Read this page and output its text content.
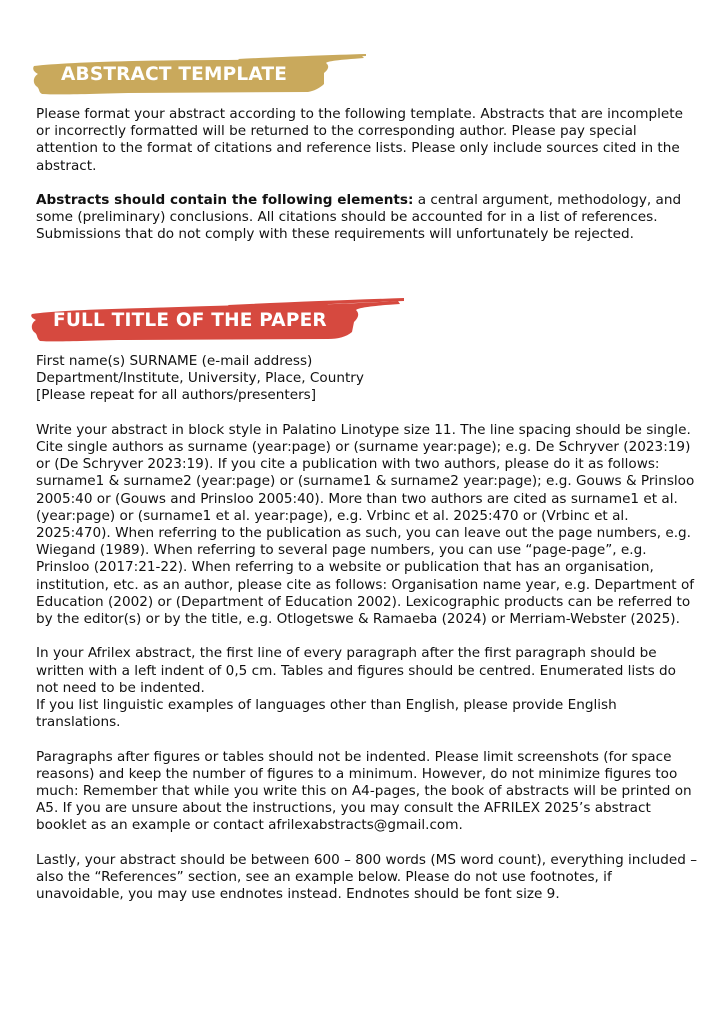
ABSTRACT TEMPLATE

Please format your abstract according to the following template. Abstracts that are incomplete or incorrectly formatted will be returned to the corresponding author. Please pay special attention to the format of citations and reference lists. Please only include sources cited in the abstract.

Abstracts should contain the following elements: a central argument, methodology, and some (preliminary) conclusions. All citations should be accounted for in a list of references. Submissions that do not comply with these requirements will unfortunately be rejected.

FULL TITLE OF THE PAPER

First name(s) SURNAME (e-mail address)

Department/Institute, University, Place, Country

[Please repeat for all authors/presenters]

Write your abstract in block style in Palatino Linotype size 11. The line spacing should be single. Cite single authors as surname (year:page) or (surname year:page); e.g. De Schryver (2023:19) or (De Schryver 2023:19). If you cite a publication with two authors, please do it as follows: surname1 & surname2 (year:page) or (surname1 & surname2 year:page); e.g. Gouws & Prinsloo 2005:40 or (Gouws and Prinsloo 2005:40). More than two authors are cited as surname1 et al. (year:page) or (surname1 et al. year:page), e.g. Vrbinc et al. 2025:470 or (Vrbinc et al. 2025:470). When referring to the publication as such, you can leave out the page numbers, e.g. Wiegand (1989). When referring to several page numbers, you can use “page-page”, e.g. Prinsloo (2017:21-22). When referring to a website or publication that has an organisation, institution, etc. as an author, please cite as follows: Organisation name year, e.g. Department of Education (2002) or (Department of Education 2002). Lexicographic products can be referred to by the editor(s) or by the title, e.g. Otlogetswe & Ramaeba (2024) or Merriam-Webster (2025).

In your Afrilex abstract, the first line of every paragraph after the first paragraph should be written with a left indent of 0,5 cm. Tables and figures should be centred. Enumerated lists do not need to be indented.

If you list linguistic examples of languages other than English, please provide English translations.

Paragraphs after figures or tables should not be indented. Please limit screenshots (for space reasons) and keep the number of figures to a minimum. However, do not minimize figures too much: Remember that while you write this on A4-pages, the book of abstracts will be printed on A5. If you are unsure about the instructions, you may consult the AFRILEX 2025’s abstract booklet as an example or contact afrilexabstracts@gmail.com.

Lastly, your abstract should be between 600 – 800 words (MS word count), everything included – also the “References” section, see an example below. Please do not use footnotes, if unavoidable, you may use endnotes instead. Endnotes should be font size 9.
